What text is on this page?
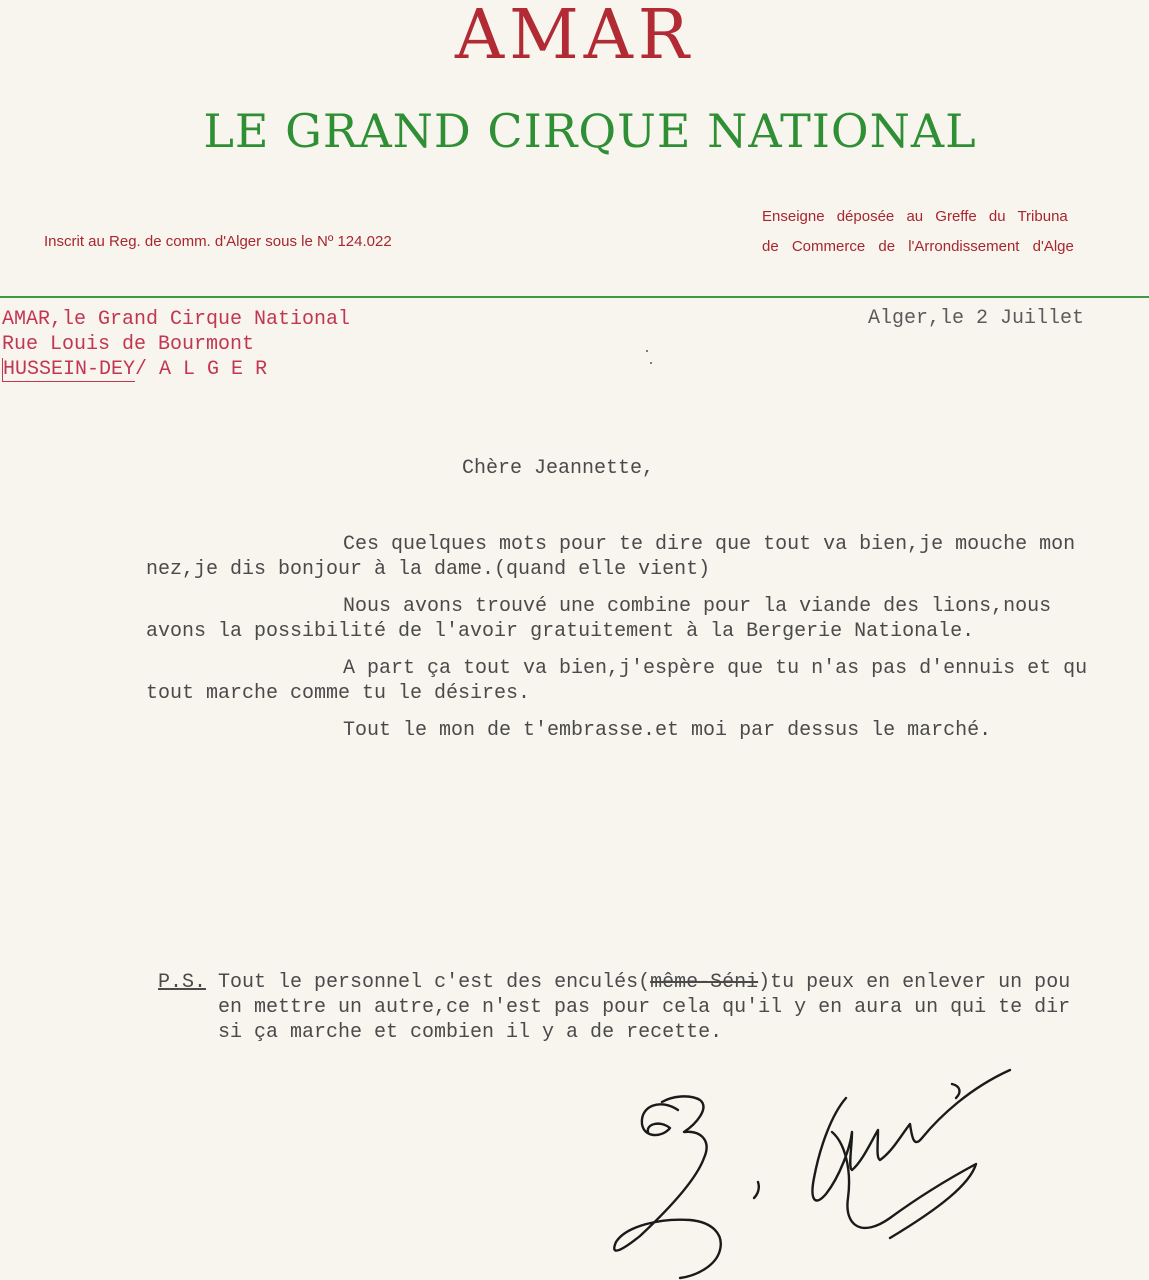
AMAR
LE GRAND CIRQUE NATIONAL
Inscrit au Reg. de comm. d'Alger sous le Nº 124.022
Enseigne déposée au Greffe du Tribuna
de Commerce de l'Arrondissement d'Alge
AMAR,le Grand Cirque National
Rue Louis de Bourmont
HUSSEIN-DEY/ A L G E R
Alger,le 2 Juillet
Chère Jeannette,
Ces quelques mots pour te dire que tout va bien,je mouche mon
nez,je dis bonjour à la dame.(quand elle vient)
Nous avons trouvé une combine pour la viande des lions,nous
avons la possibilité de l'avoir gratuitement à la Bergerie Nationale.
A part ça tout va bien,j'espère que tu n'as pas d'ennuis et qu
tout marche comme tu le désires.
Tout le mon de t'embrasse.et moi par dessus le marché.
P.S. Tout le personnel c'est des enculés(même-Séni)tu peux en enlever un pou
en mettre un autre,ce n'est pas pour cela qu'il y en aura un qui te dir
si ça marche et combien il y a de recette.
